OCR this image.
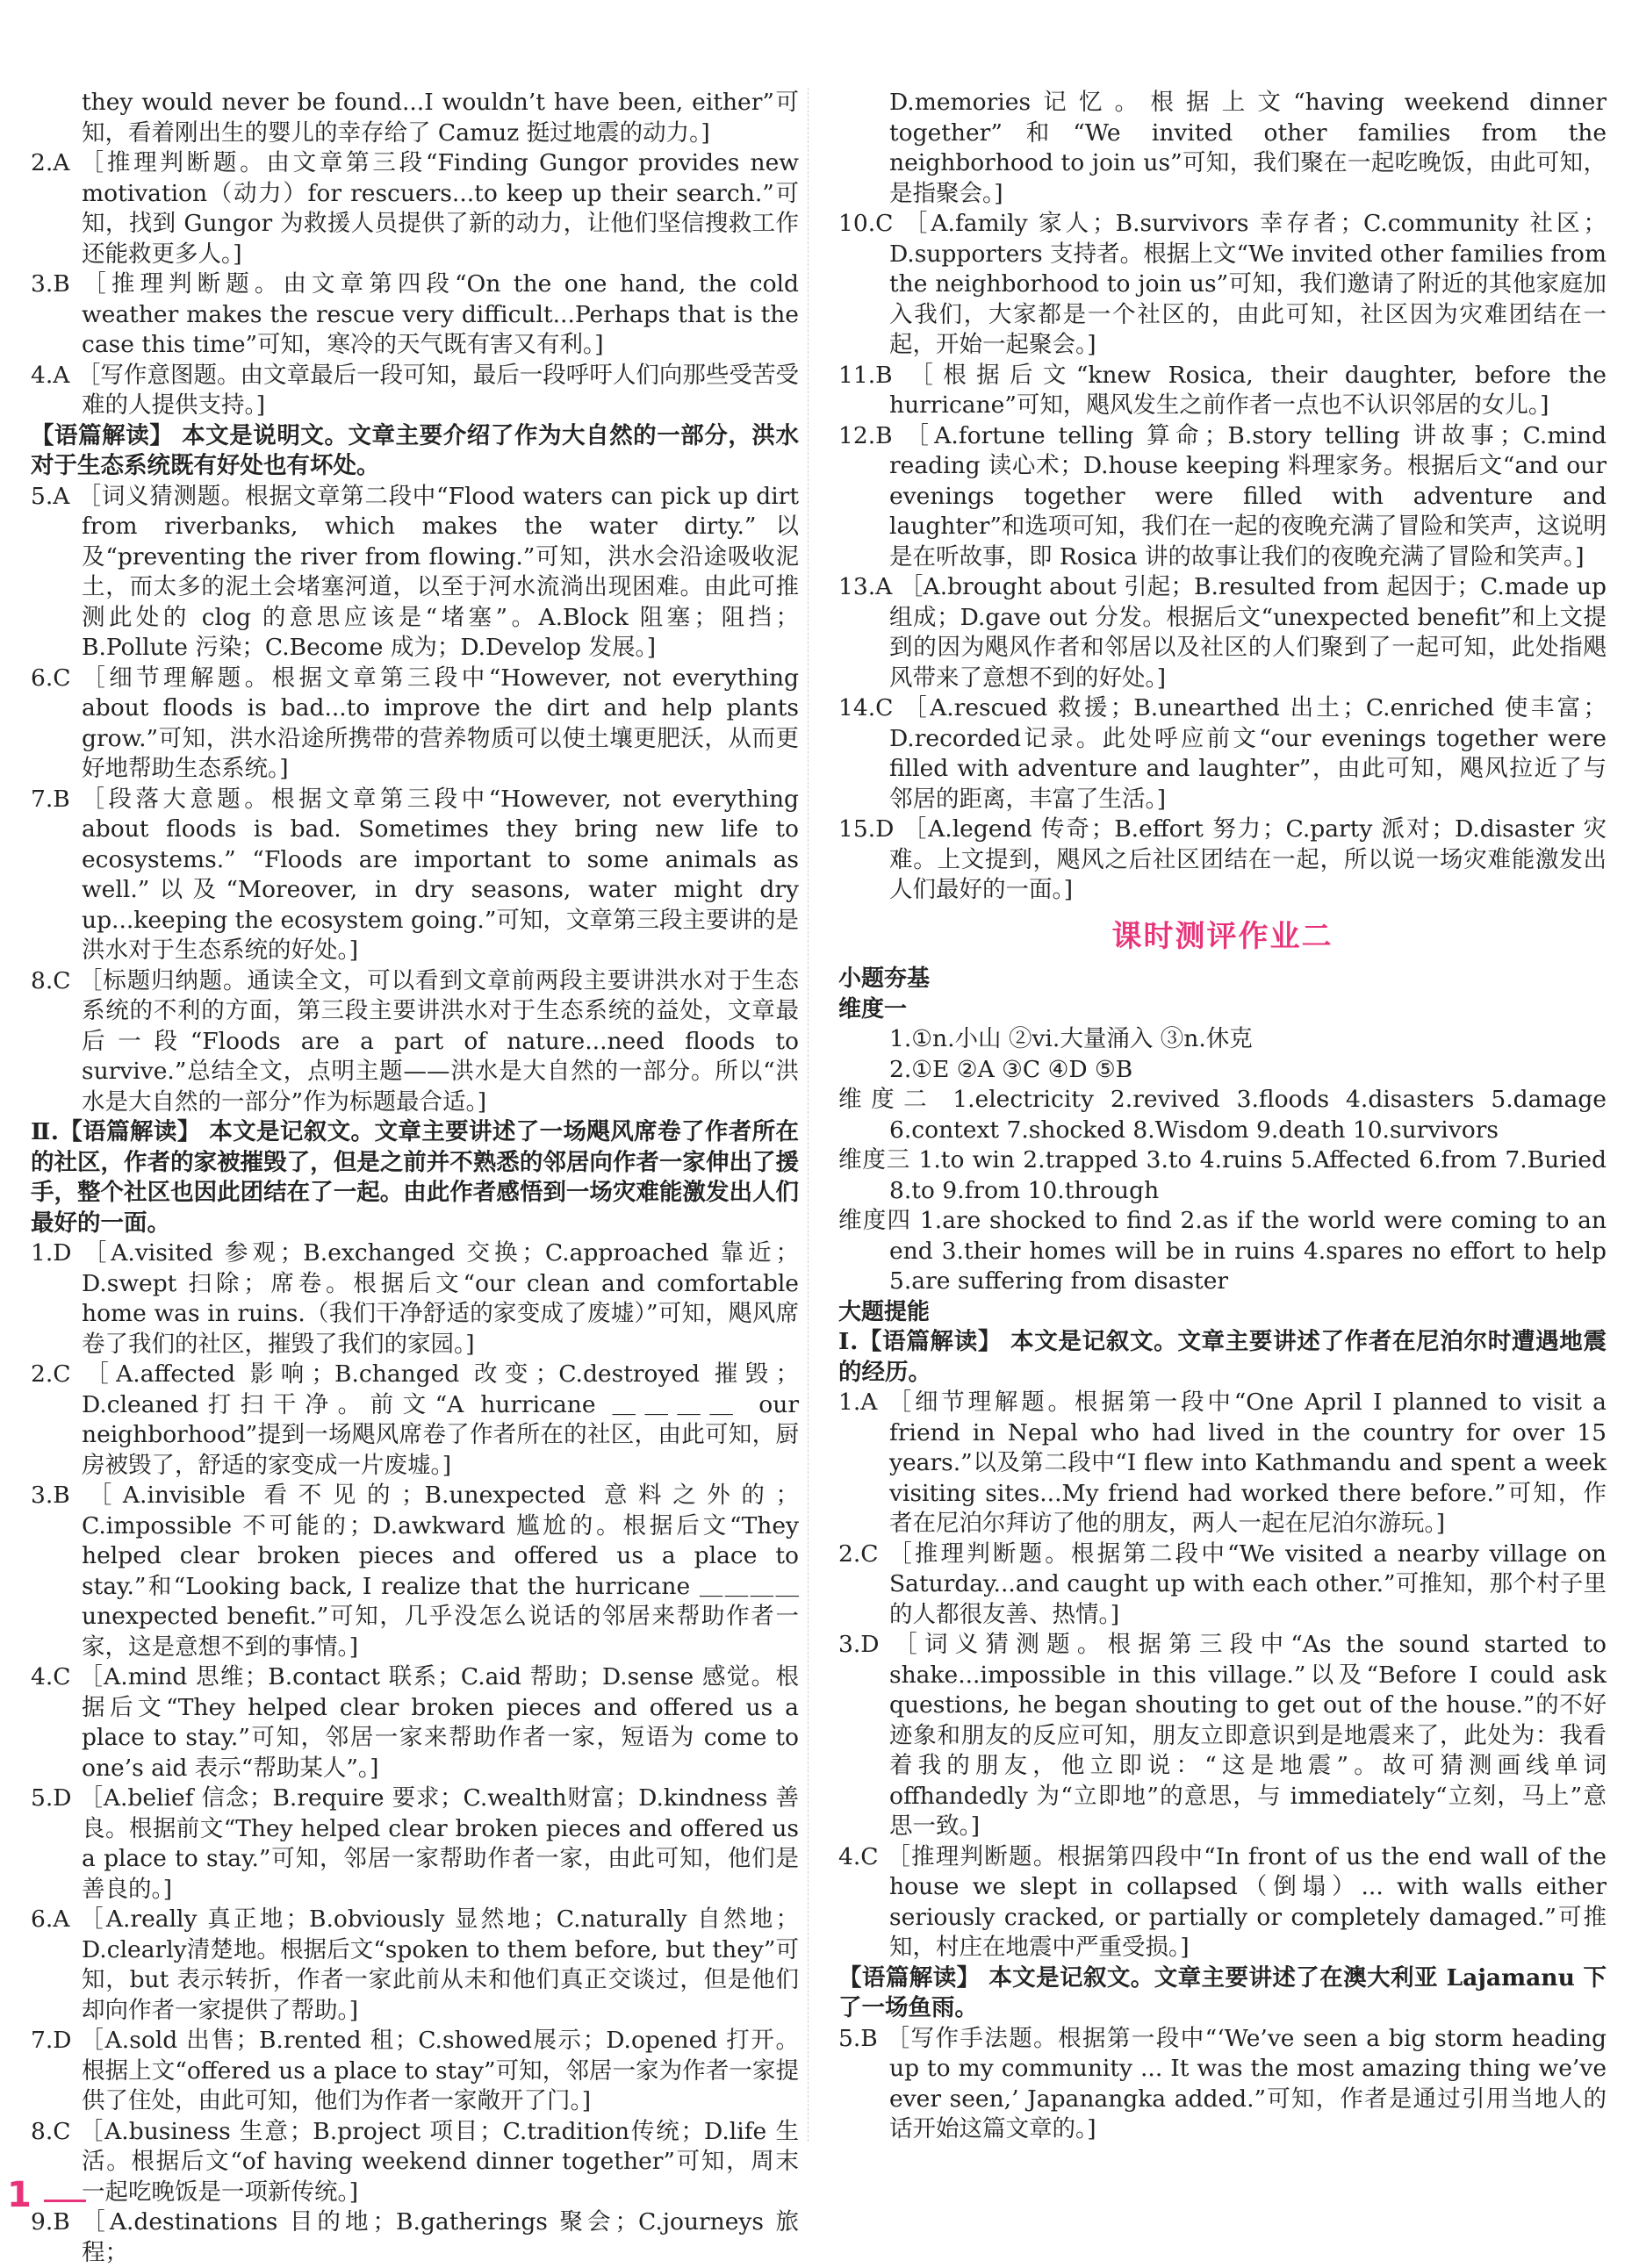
they would never be found...I wouldn’t have been, either”可知，看着刚出生的婴儿的幸存给了 Camuz 挺过地震的动力。]

2.A ［推理判断题。由文章第三段“Finding Gungor provides new motivation（动力）for rescuers...to keep up their search.”可知，找到 Gungor 为救援人员提供了新的动力，让他们坚信搜救工作还能救更多人。]

3.B ［推理判断题。由文章第四段“On the one hand, the cold weather makes the rescue very difficult...Perhaps that is the case this time”可知，寒冷的天气既有害又有利。]

4.A ［写作意图题。由文章最后一段可知，最后一段呼吁人们向那些受苦受难的人提供支持。]

【语篇解读】 本文是说明文。文章主要介绍了作为大自然的一部分，洪水对于生态系统既有好处也有坏处。

5.A ［词义猜测题。根据文章第二段中“Flood waters can pick up dirt from riverbanks, which makes the water dirty.”以及“preventing the river from flowing.”可知，洪水会沿途吸收泥土，而太多的泥土会堵塞河道，以至于河水流淌出现困难。由此可推测此处的 clog 的意思应该是“堵塞”。A.Block 阻塞；阻挡；B.Pollute 污染；C.Become 成为；D.Develop 发展。]

6.C ［细节理解题。根据文章第三段中“However, not everything about floods is bad...to improve the dirt and help plants grow.”可知，洪水沿途所携带的营养物质可以使土壤更肥沃，从而更好地帮助生态系统。]

7.B ［段落大意题。根据文章第三段中“However, not everything about floods is bad. Sometimes they bring new life to ecosystems.” “Floods are important to some animals as well.”以及“Moreover, in dry seasons, water might dry up...keeping the ecosystem going.”可知，文章第三段主要讲的是洪水对于生态系统的好处。]

8.C ［标题归纳题。通读全文，可以看到文章前两段主要讲洪水对于生态系统的不利的方面，第三段主要讲洪水对于生态系统的益处，文章最后一段“Floods are a part of nature...need floods to survive.”总结全文，点明主题——洪水是大自然的一部分。所以“洪水是大自然的一部分”作为标题最合适。]

Ⅱ.【语篇解读】 本文是记叙文。文章主要讲述了一场飓风席卷了作者所在的社区，作者的家被摧毁了，但是之前并不熟悉的邻居向作者一家伸出了援手，整个社区也因此团结在了一起。由此作者感悟到一场灾难能激发出人们最好的一面。

1.D ［A.visited 参观；B.exchanged 交换；C.approached 靠近；D.swept 扫除；席卷。根据后文“our clean and comfortable home was in ruins.（我们干净舒适的家变成了废墟）”可知，飓风席卷了我们的社区，摧毁了我们的家园。]

2.C ［A.affected 影响；B.changed 改变；C.destroyed 摧毁；D.cleaned打扫干净。前文“A hurricane ＿＿＿＿ our neighborhood”提到一场飓风席卷了作者所在的社区，由此可知，厨房被毁了，舒适的家变成一片废墟。]

3.B ［A.invisible 看不见的；B.unexpected 意料之外的；C.impossible 不可能的；D.awkward 尴尬的。根据后文“They helped clear broken pieces and offered us a place to stay.”和“Looking back, I realize that the hurricane ＿＿＿＿ unexpected benefit.”可知，几乎没怎么说话的邻居来帮助作者一家，这是意想不到的事情。]

4.C ［A.mind 思维；B.contact 联系；C.aid 帮助；D.sense 感觉。根据后文“They helped clear broken pieces and offered us a place to stay.”可知，邻居一家来帮助作者一家，短语为 come to one’s aid 表示“帮助某人”。]

5.D ［A.belief 信念；B.require 要求；C.wealth财富；D.kindness 善良。根据前文“They helped clear broken pieces and offered us a place to stay.”可知，邻居一家帮助作者一家，由此可知，他们是善良的。]

6.A ［A.really 真正地；B.obviously 显然地；C.naturally 自然地；D.clearly清楚地。根据后文“spoken to them before, but they”可知，but 表示转折，作者一家此前从未和他们真正交谈过，但是他们却向作者一家提供了帮助。]

7.D ［A.sold 出售；B.rented 租；C.showed展示；D.opened 打开。根据上文“offered us a place to stay”可知，邻居一家为作者一家提供了住处，由此可知，他们为作者一家敞开了门。]

8.C ［A.business 生意；B.project 项目；C.tradition传统；D.life 生活。根据后文“of having weekend dinner together”可知，周末一起吃晚饭是一项新传统。]

9.B ［A.destinations 目的地；B.gatherings 聚会；C.journeys 旅程；

D.memories记忆。根据上文“having weekend dinner together”和“We invited other families from the neighborhood to join us”可知，我们聚在一起吃晚饭，由此可知，是指聚会。]

10.C ［A.family 家人；B.survivors 幸存者；C.community 社区；D.supporters 支持者。根据上文“We invited other families from the neighborhood to join us”可知，我们邀请了附近的其他家庭加入我们，大家都是一个社区的，由此可知，社区因为灾难团结在一起，开始一起聚会。]

11.B ［根据后文“knew Rosica, their daughter, before the hurricane”可知，飓风发生之前作者一点也不认识邻居的女儿。]

12.B ［A.fortune telling 算命；B.story telling 讲故事；C.mind reading 读心术；D.house keeping 料理家务。根据后文“and our evenings together were filled with adventure and laughter”和选项可知，我们在一起的夜晚充满了冒险和笑声，这说明是在听故事，即 Rosica 讲的故事让我们的夜晚充满了冒险和笑声。]

13.A ［A.brought about 引起；B.resulted from 起因于；C.made up 组成；D.gave out 分发。根据后文“unexpected benefit”和上文提到的因为飓风作者和邻居以及社区的人们聚到了一起可知，此处指飓风带来了意想不到的好处。]

14.C ［A.rescued 救援；B.unearthed 出土；C.enriched 使丰富；D.recorded记录。此处呼应前文“our evenings together were filled with adventure and laughter”，由此可知，飓风拉近了与邻居的距离，丰富了生活。]

15.D ［A.legend 传奇；B.effort 努力；C.party 派对；D.disaster 灾难。上文提到，飓风之后社区团结在一起，所以说一场灾难能激发出人们最好的一面。]

课时测评作业二

小题夯基

维度一

1.①n.小山 ②vi.大量涌入 ③n.休克

2.①E ②A ③C ④D ⑤B

维度二 1.electricity 2.revived 3.floods 4.disasters 5.damage 6.context 7.shocked 8.Wisdom 9.death 10.survivors

维度三 1.to win 2.trapped 3.to 4.ruins 5.Affected 6.from 7.Buried 8.to 9.from 10.through

维度四 1.are shocked to find 2.as if the world were coming to an end 3.their homes will be in ruins 4.spares no effort to help 5.are suffering from disaster

大题提能

Ⅰ.【语篇解读】 本文是记叙文。文章主要讲述了作者在尼泊尔时遭遇地震的经历。

1.A ［细节理解题。根据第一段中“One April I planned to visit a friend in Nepal who had lived in the country for over 15 years.”以及第二段中“I flew into Kathmandu and spent a week visiting sites...My friend had worked there before.”可知，作者在尼泊尔拜访了他的朋友，两人一起在尼泊尔游玩。]

2.C ［推理判断题。根据第二段中“We visited a nearby village on Saturday...and caught up with each other.”可推知，那个村子里的人都很友善、热情。]

3.D ［词义猜测题。根据第三段中“As the sound started to shake...impossible in this village.”以及“Before I could ask questions, he began shouting to get out of the house.”的不好迹象和朋友的反应可知，朋友立即意识到是地震来了，此处为：我看着我的朋友，他立即说：“这是地震”。故可猜测画线单词 offhandedly 为“立即地”的意思，与 immediately“立刻，马上”意思一致。]

4.C ［推理判断题。根据第四段中“In front of us the end wall of the house we slept in collapsed（倒塌）... with walls either seriously cracked, or partially or completely damaged.”可推知，村庄在地震中严重受损。]

【语篇解读】 本文是记叙文。文章主要讲述了在澳大利亚 Lajamanu 下了一场鱼雨。

5.B ［写作手法题。根据第一段中“‘We’ve seen a big storm heading up to my community ... It was the most amazing thing we’ve ever seen,’ Japanangka added.”可知，作者是通过引用当地人的话开始这篇文章的。]

1
